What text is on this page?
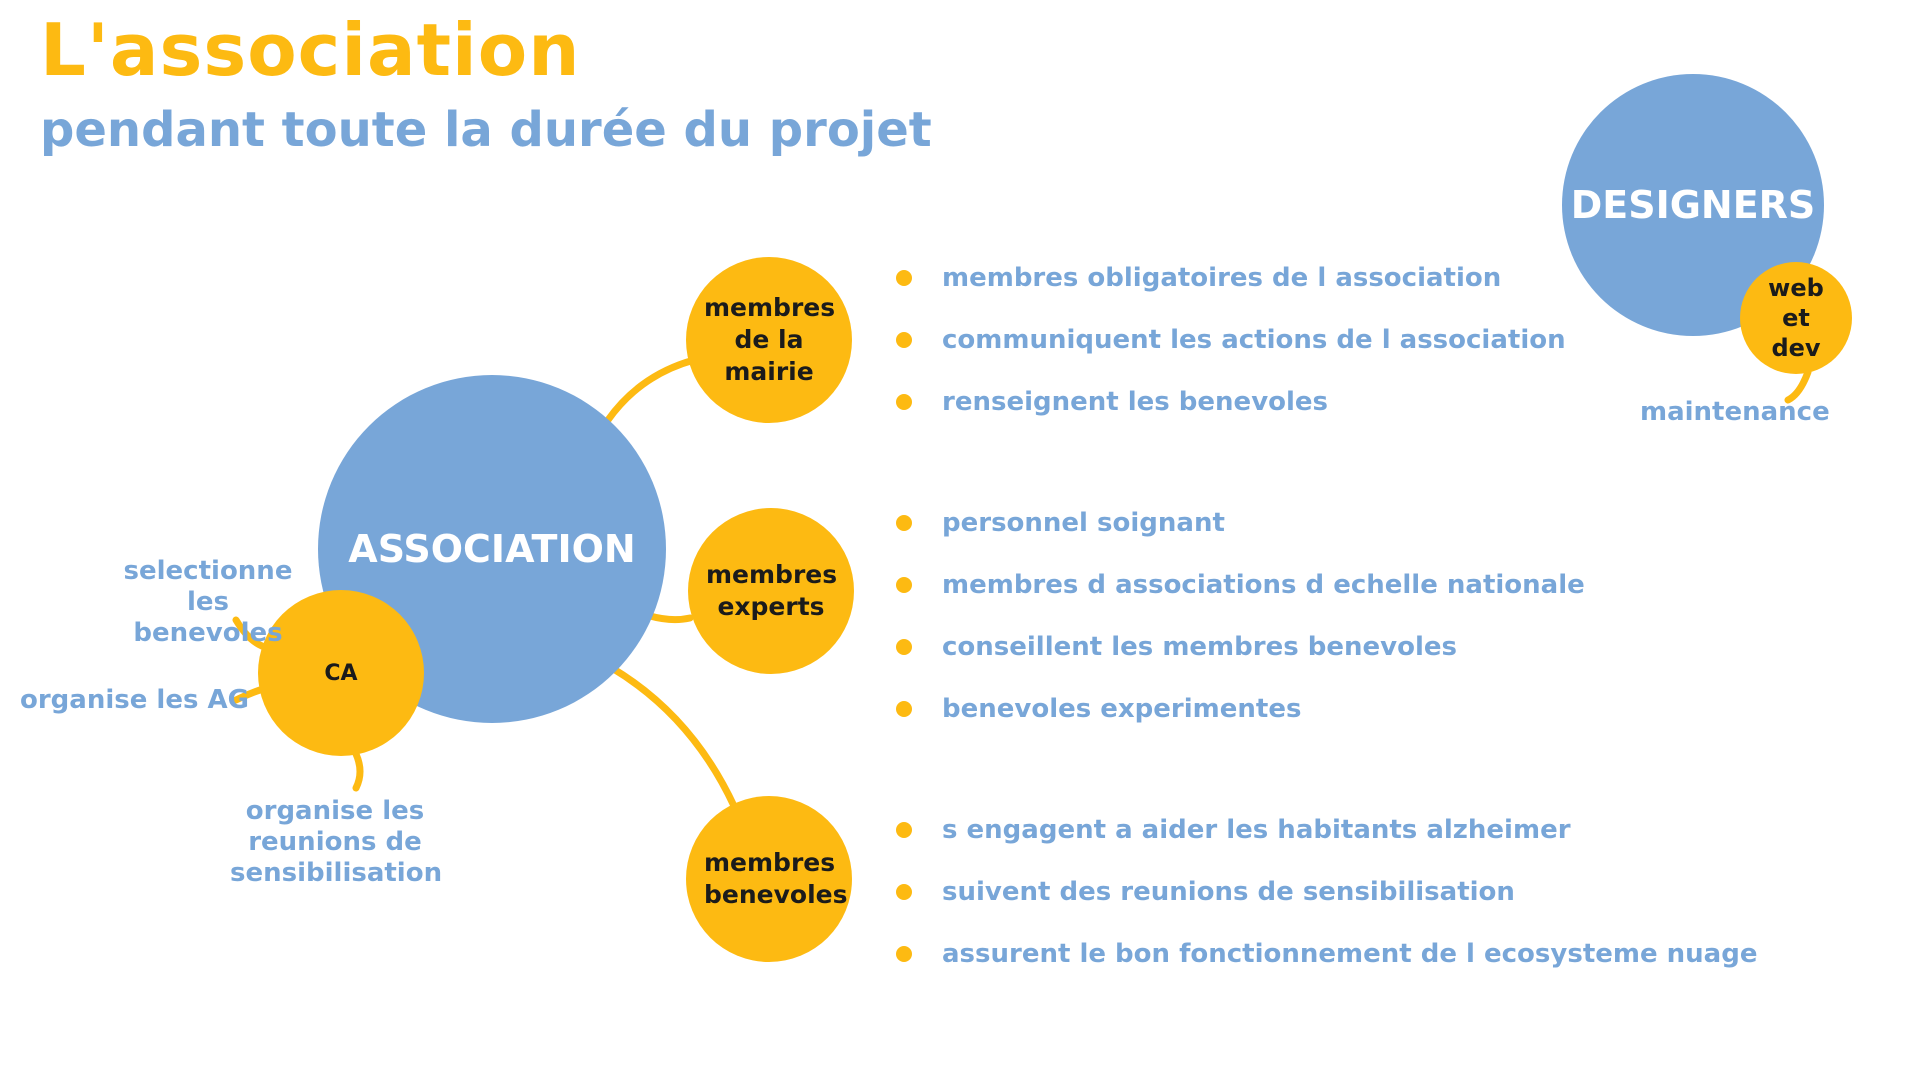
L'association
pendant toute la durée du projet
ASSOCIATION
CA
selectionne les benevoles
organise les AG
organise les reunions de sensibilisation
membres de la mairie
membres experts
membres benevoles
membres obligatoires de l association
communiquent les actions de l association
renseignent les benevoles
personnel soignant
membres d associations d echelle nationale
conseillent les membres benevoles
benevoles experimentes
s engagent a aider les habitants alzheimer
suivent des reunions de sensibilisation
assurent le bon fonctionnement de l ecosysteme nuage
DESIGNERS
web et dev
maintenance
